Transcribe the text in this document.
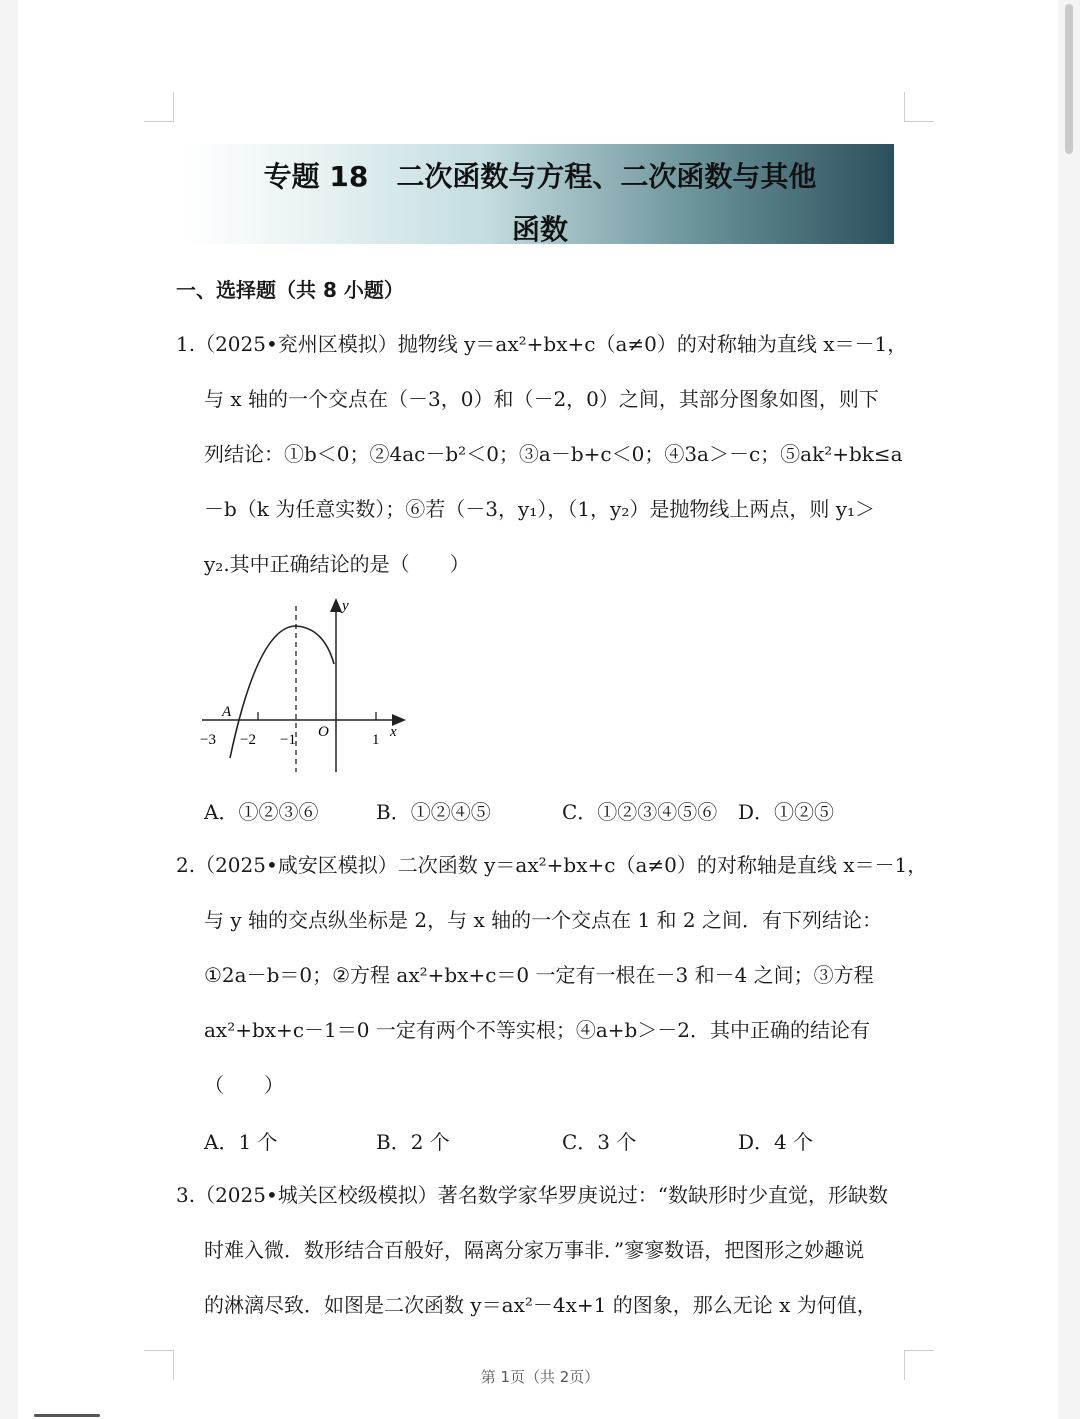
专题 18　二次函数与方程、二次函数与其他
函数
一、选择题（共 8 小题）
1.（2025•兖州区模拟）抛物线 y＝ax²+bx+c（a≠0）的对称轴为直线 x＝－1，
与 x 轴的一个交点在（－3，0）和（－2，0）之间，其部分图象如图，则下
列结论：①b＜0；②4ac－b²＜0；③a－b+c＜0；④3a＞－c；⑤ak²+bk≤a
－b（k 为任意实数）；⑥若（－3，y₁），（1，y₂）是抛物线上两点，则 y₁＞
y₂.其中正确结论的是（　　）
y
x
A
O
−3 −2 −1	1
A．①②③⑥	B．①②④⑤	C．①②③④⑤⑥ D．①②⑤
2.（2025•咸安区模拟）二次函数 y＝ax²+bx+c（a≠0）的对称轴是直线 x＝－1，
与 y 轴的交点纵坐标是 2，与 x 轴的一个交点在 1 和 2 之间．有下列结论：
①2a－b＝0；②方程 ax²+bx+c＝0 一定有一根在－3 和－4 之间；③方程
ax²+bx+c－1＝0 一定有两个不等实根；④a+b＞－2．其中正确的结论有
（　　）
A．1 个	B．2 个	C．3 个	D．4 个
3.（2025•城关区校级模拟）著名数学家华罗庚说过：“数缺形时少直觉，形缺数
时难入微．数形结合百般好，隔离分家万事非．”寥寥数语，把图形之妙趣说
的淋漓尽致．如图是二次函数 y＝ax²－4x+1 的图象，那么无论 x 为何值，
第 1页（共 2页）
